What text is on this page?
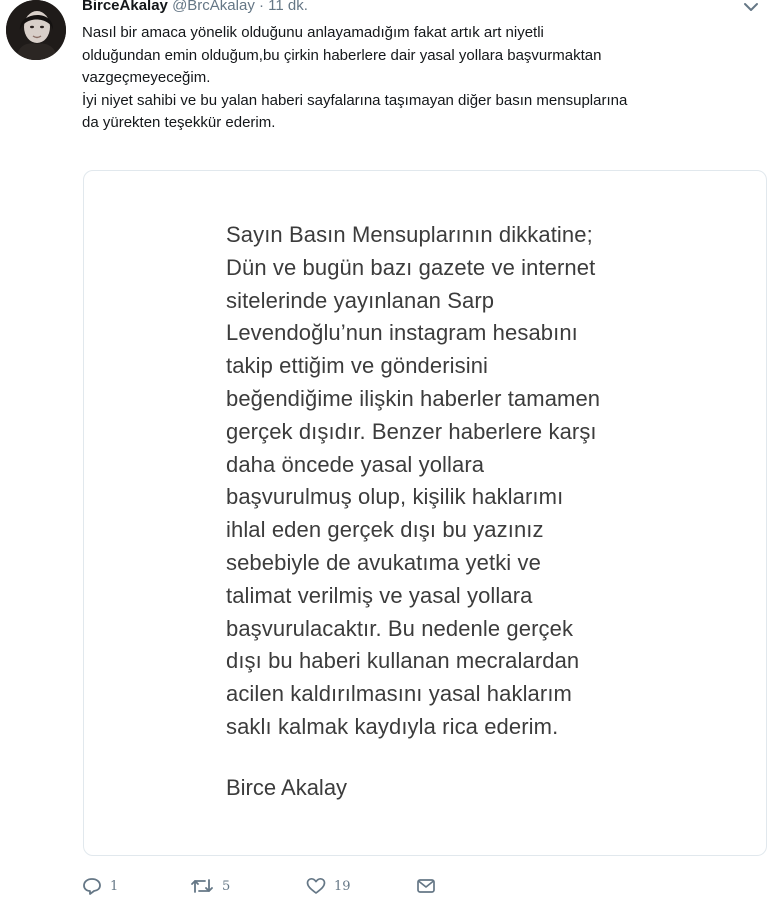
BirceAkalay @BrcAkalay · 11 dk.

Nasıl bir amaca yönelik olduğunu anlayamadığım fakat artık art niyetli

olduğundan emin olduğum,bu çirkin haberlere dair yasal yollara başvurmaktan

vazgeçmeyeceğim.

İyi niyet sahibi ve bu yalan haberi sayfalarına taşımayan diğer basın mensuplarına

da yürekten teşekkür ederim.

Sayın Basın Mensuplarının dikkatine;
Dün ve bugün bazı gazete ve internet
sitelerinde yayınlanan Sarp
Levendoğlu’nun instagram hesabını
takip ettiğim ve gönderisini
beğendiğime ilişkin haberler tamamen
gerçek dışıdır. Benzer haberlere karşı
daha öncede yasal yollara
başvurulmuş olup, kişilik haklarımı
ihlal eden gerçek dışı bu yazınız
sebebiyle de avukatıma yetki ve
talimat verilmiş ve yasal yollara
başvurulacaktır. Bu nedenle gerçek
dışı bu haberi kullanan mecralardan
acilen kaldırılmasını yasal haklarım
saklı kalmak kaydıyla rica ederim.
Birce Akalay
1	5	19
